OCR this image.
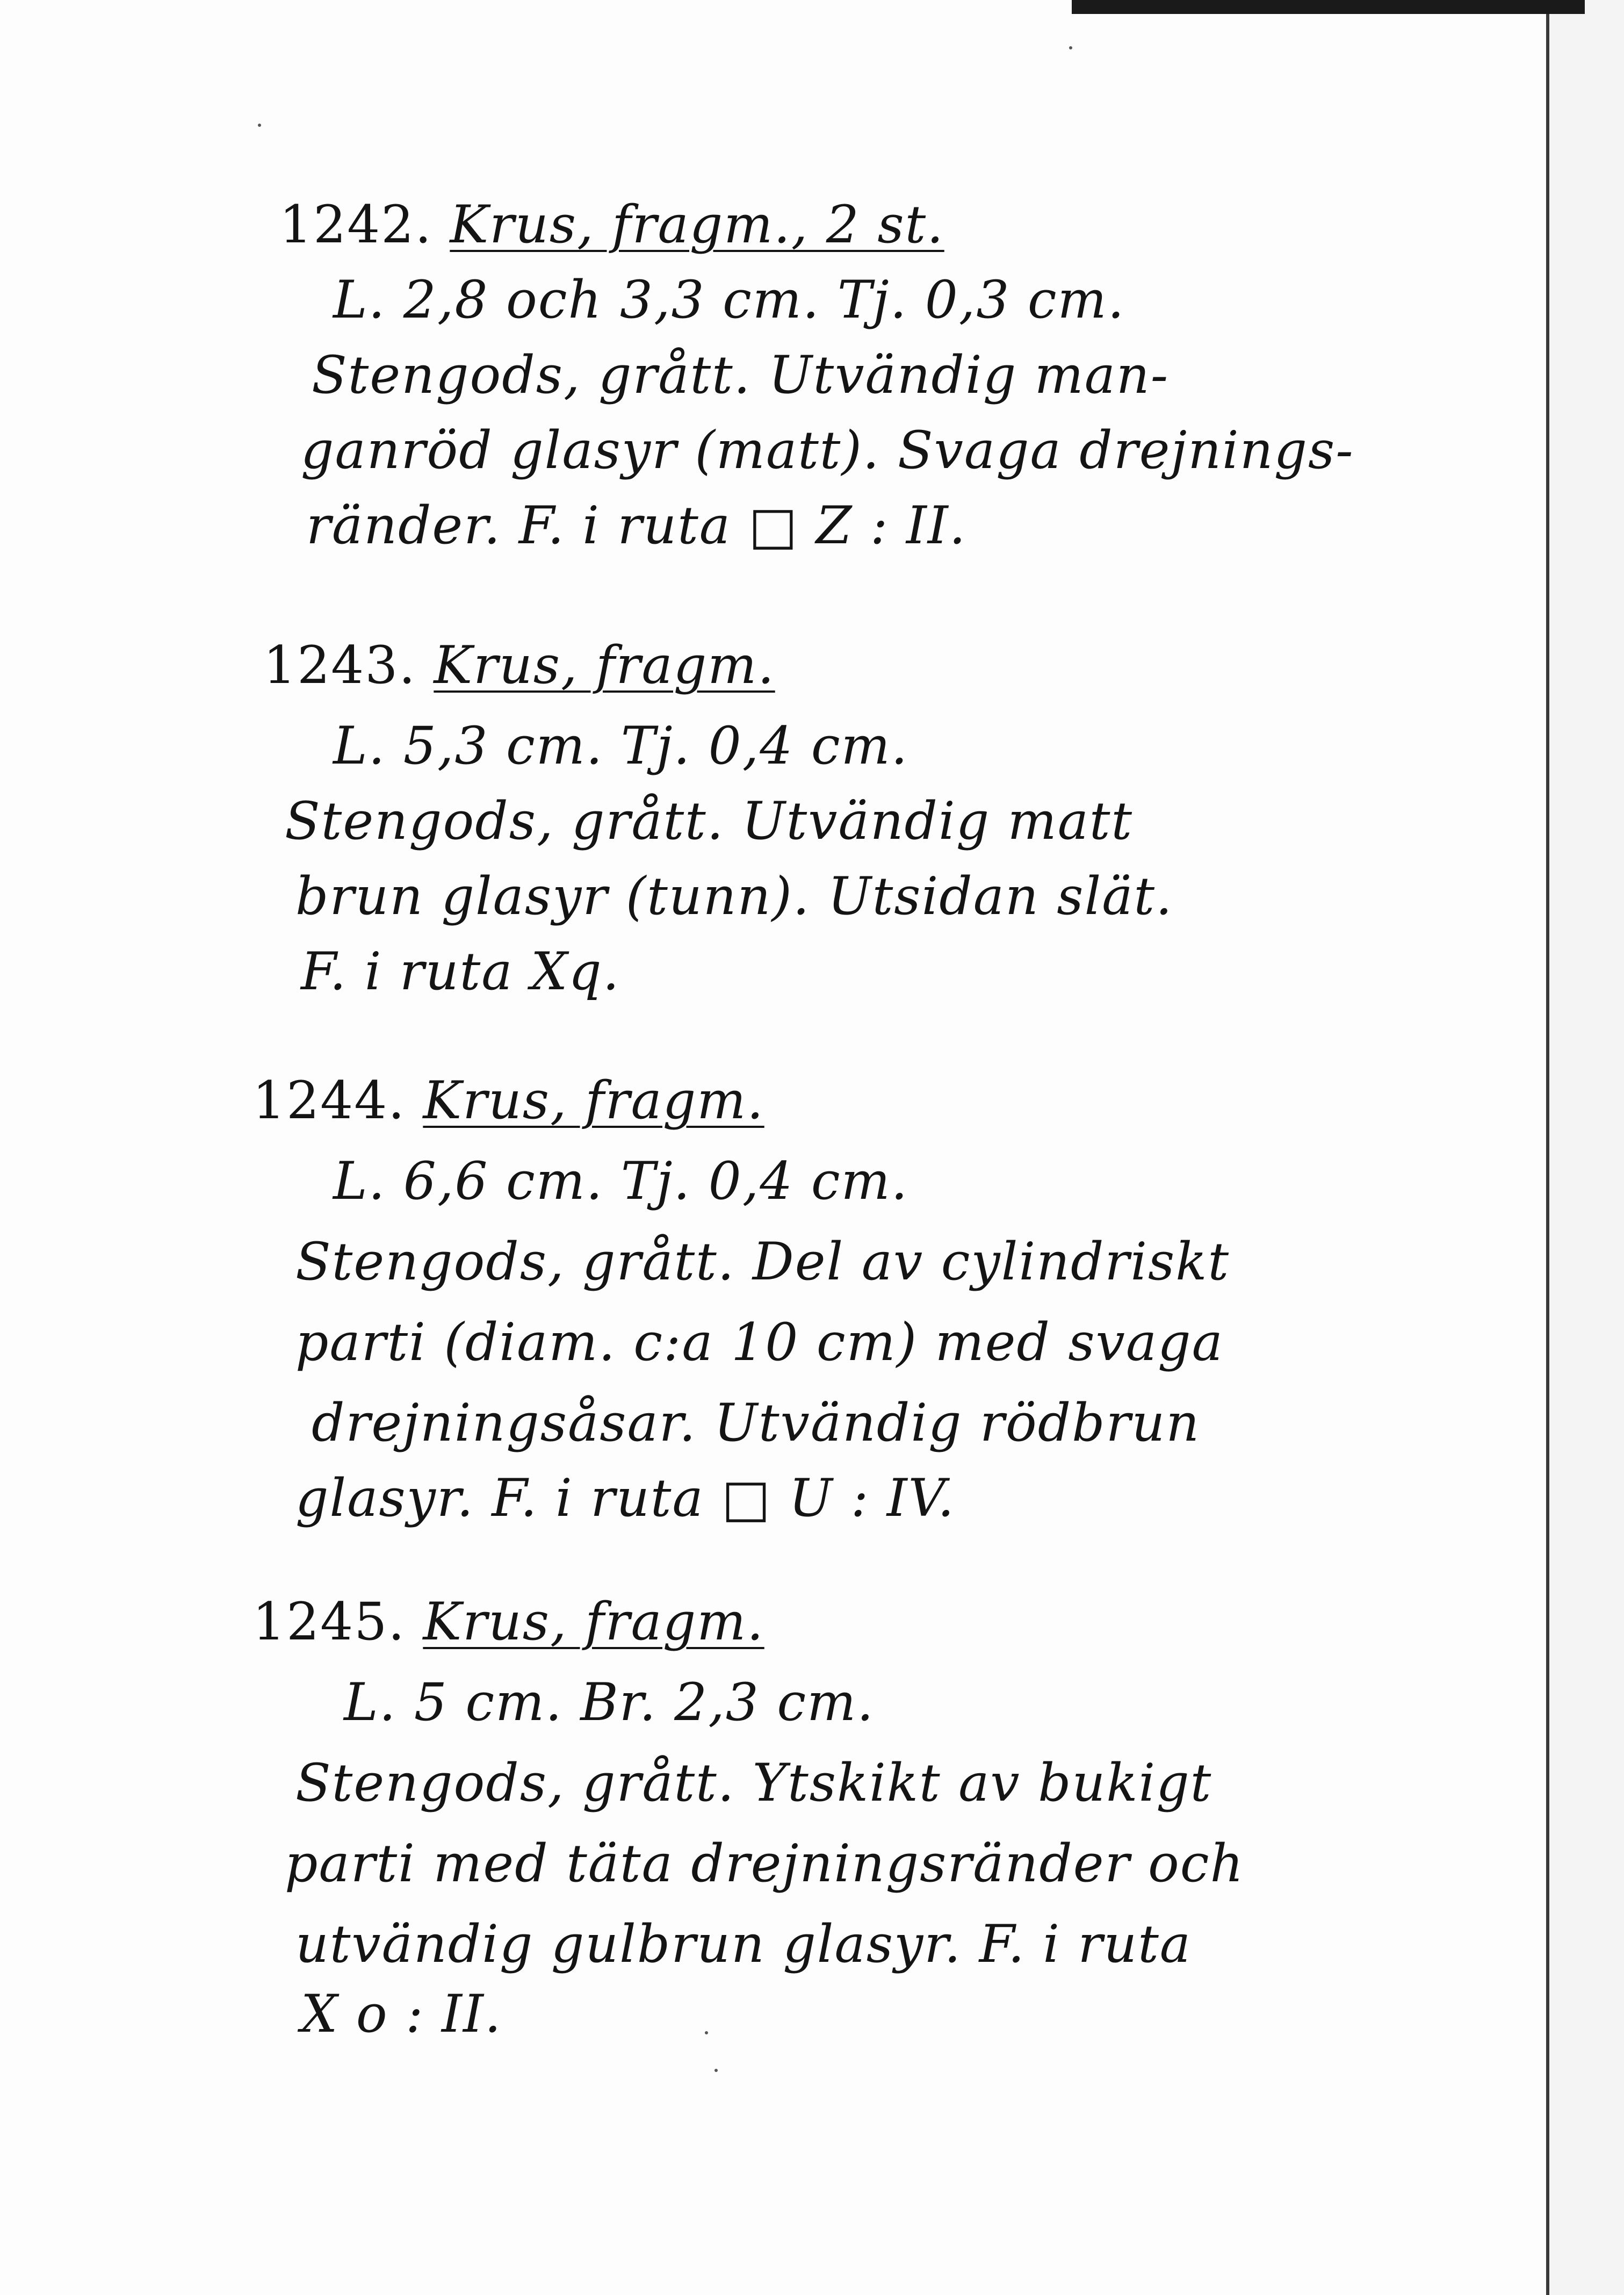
1242. Krus, fragm., 2 st.
L. 2,8 och 3,3 cm. Tj. 0,3 cm.
Stengods, grått. Utvändig man-
ganröd glasyr (matt). Svaga drejnings-
ränder. F. i ruta □ Z : II.
1243. Krus, fragm.
L. 5,3 cm. Tj. 0,4 cm.
Stengods, grått. Utvändig matt
brun glasyr (tunn). Utsidan slät.
F. i ruta Xq.
1244. Krus, fragm.
L. 6,6 cm. Tj. 0,4 cm.
Stengods, grått. Del av cylindriskt
parti (diam. c:a 10 cm) med svaga
drejningsåsar. Utvändig rödbrun
glasyr. F. i ruta □ U : IV.
1245. Krus, fragm.
L. 5 cm. Br. 2,3 cm.
Stengods, grått. Ytskikt av bukigt
parti med täta drejningsränder och
utvändig gulbrun glasyr. F. i ruta
X o : II.
